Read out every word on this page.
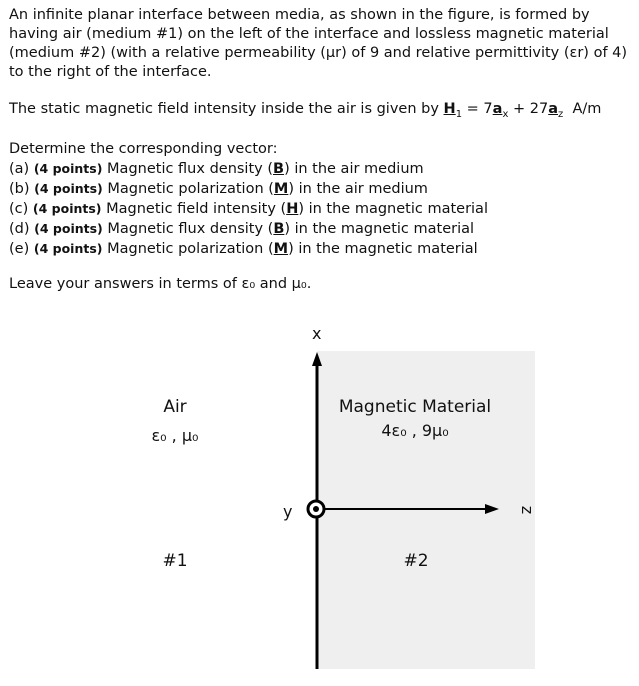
An infinite planar interface between media, as shown in the figure, is formed by having air (medium #1) on the left of the interface and lossless magnetic material (medium #2) (with a relative permeability (μr) of 9 and relative permittivity (εr) of 4) to the right of the interface.

The static magnetic field intensity inside the air is given by $H_1 = 7a_x + 27a_z$  A/m

Determine the corresponding vector:
(a) (4 points) Magnetic flux density (B) in the air medium
(b) (4 points) Magnetic polarization (M) in the air medium
(c) (4 points) Magnetic field intensity (H) in the magnetic material
(d) (4 points) Magnetic flux density (B) in the magnetic material
(e) (4 points) Magnetic polarization (M) in the magnetic material

Leave your answers in terms of ε₀ and μ₀.

x
y	z
Air
ε₀ , μ₀
#1
Magnetic Material
4ε₀ , 9μ₀
#2
